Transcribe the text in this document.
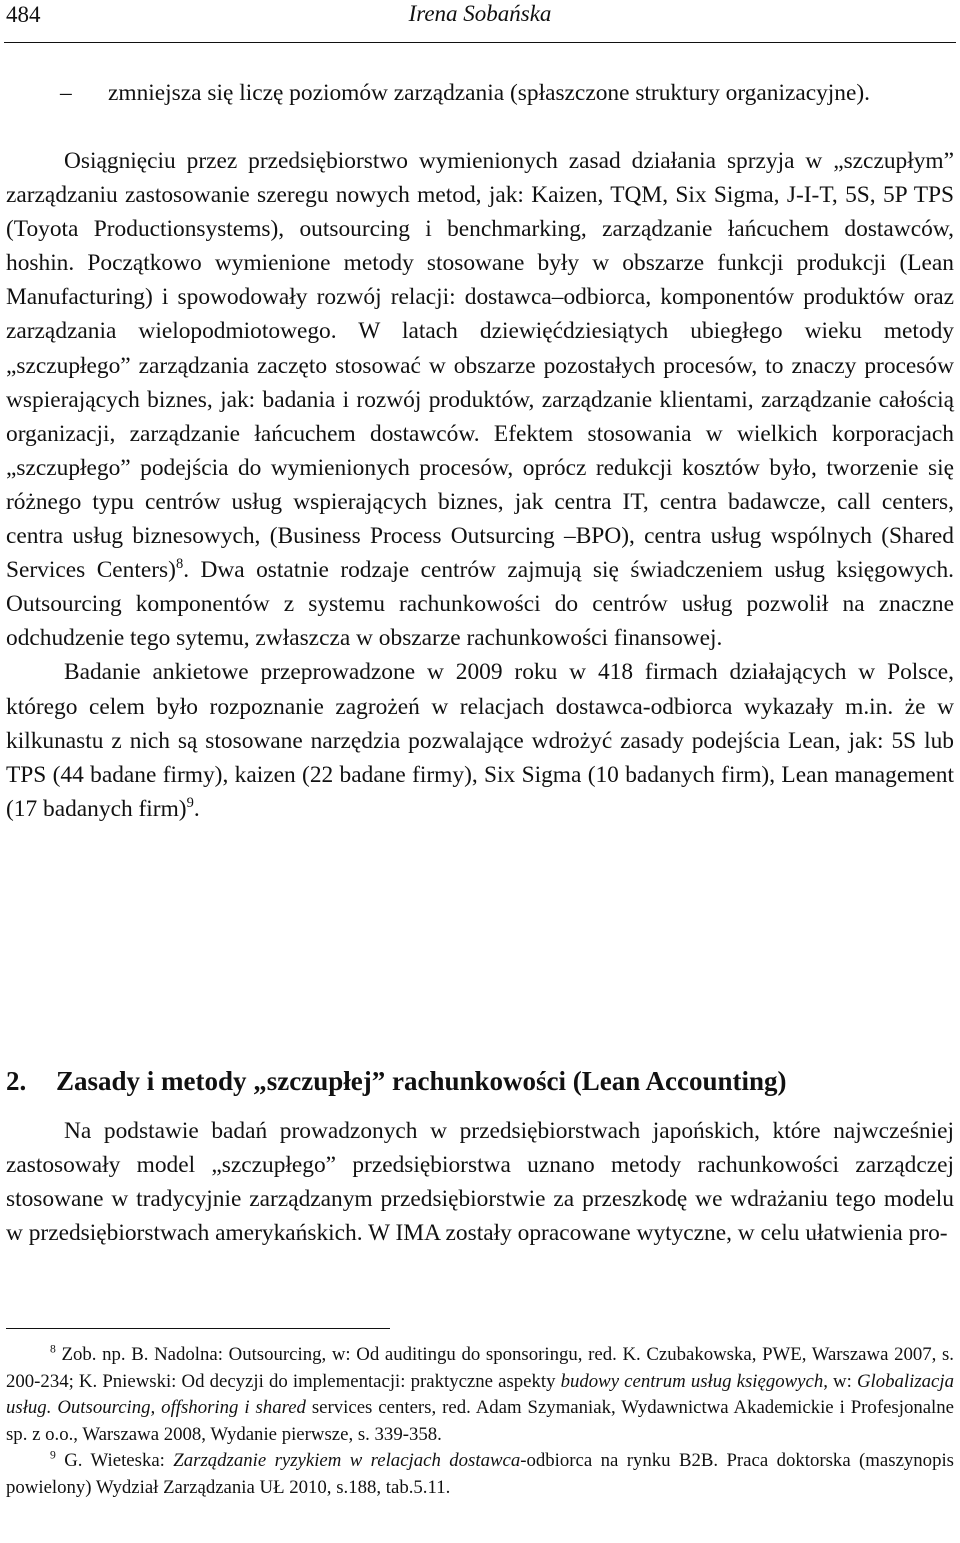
484	Irena Sobańska
– zmniejsza się liczę poziomów zarządzania (spłaszczone struktury organizacyjne).

Osiągnięciu przez przedsiębiorstwo wymienionych zasad działania sprzyja w „szczupłym” zarządzaniu zastosowanie szeregu nowych metod, jak: Kaizen, TQM, Six Sigma, J-I-T, 5S, 5P TPS (Toyota Productionsystems), outsourcing i benchmarking, zarządzanie łańcuchem dostawców, hoshin. Początkowo wymienione metody stosowane były w obszarze funkcji produkcji (Lean Manufacturing) i spowodowały rozwój relacji: dostawca–odbiorca, komponentów produktów oraz zarządzania wielopodmiotowego. W latach dziewięćdziesiątych ubiegłego wieku metody „szczupłego” zarządzania zaczęto stosować w obszarze pozostałych procesów, to znaczy procesów wspierających biznes, jak: badania i rozwój produktów, zarządzanie klientami, zarządzanie całością organizacji, zarządzanie łańcuchem dostawców. Efektem stosowania w wielkich korporacjach „szczupłego” podejścia do wymienionych procesów, oprócz redukcji kosztów było, tworzenie się różnego typu centrów usług wspierających biznes, jak centra IT, centra badawcze, call centers, centra usług biznesowych, (Business Process Outsurcing –BPO), centra usług wspólnych (Shared Services Centers)$^8$. Dwa ostatnie rodzaje centrów zajmują się świadczeniem usług księgowych. Outsourcing komponentów z systemu rachunkowości do centrów usług pozwolił na znaczne odchudzenie tego sytemu, zwłaszcza w obszarze rachunkowości finansowej.

Badanie ankietowe przeprowadzone w 2009 roku w 418 firmach działających w Polsce, którego celem było rozpoznanie zagrożeń w relacjach dostawca-odbiorca wykazały m.in. że w kilkunastu z nich są stosowane narzędzia pozwalające wdrożyć zasady podejścia Lean, jak: 5S lub TPS (44 badane firmy), kaizen (22 badane firmy), Six Sigma (10 badanych firm), Lean management (17 badanych firm)$^9$.

2. Zasady i metody „szczupłej” rachunkowości (Lean Accounting)

Na podstawie badań prowadzonych w przedsiębiorstwach japońskich, które najwcześniej zastosowały model „szczupłego” przedsiębiorstwa uznano metody rachunkowości zarządczej stosowane w tradycyjnie zarządzanym przedsiębiorstwie za przeszkodę we wdrażaniu tego modelu w przedsiębiorstwach amerykańskich. W IMA zostały opracowane wytyczne, w celu ułatwienia pro-

$^8$ Zob. np. B. Nadolna: Outsourcing, w: Od auditingu do sponsoringu, red. K. Czubakowska, PWE, Warszawa 2007, s. 200-234; K. Pniewski: Od decyzji do implementacji: praktyczne aspekty budowy centrum usług księgowych, w: Globalizacja usług. Outsourcing, offshoring i shared services centers, red. Adam Szymaniak, Wydawnictwa Akademickie i Profesjonalne sp. z o.o., Warszawa 2008, Wydanie pierwsze, s. 339-358.

$^9$ G. Wieteska: Zarządzanie ryzykiem w relacjach dostawca-odbiorca na rynku B2B. Praca doktorska (maszynopis powielony) Wydział Zarządzania UŁ 2010, s.188, tab.5.11.
